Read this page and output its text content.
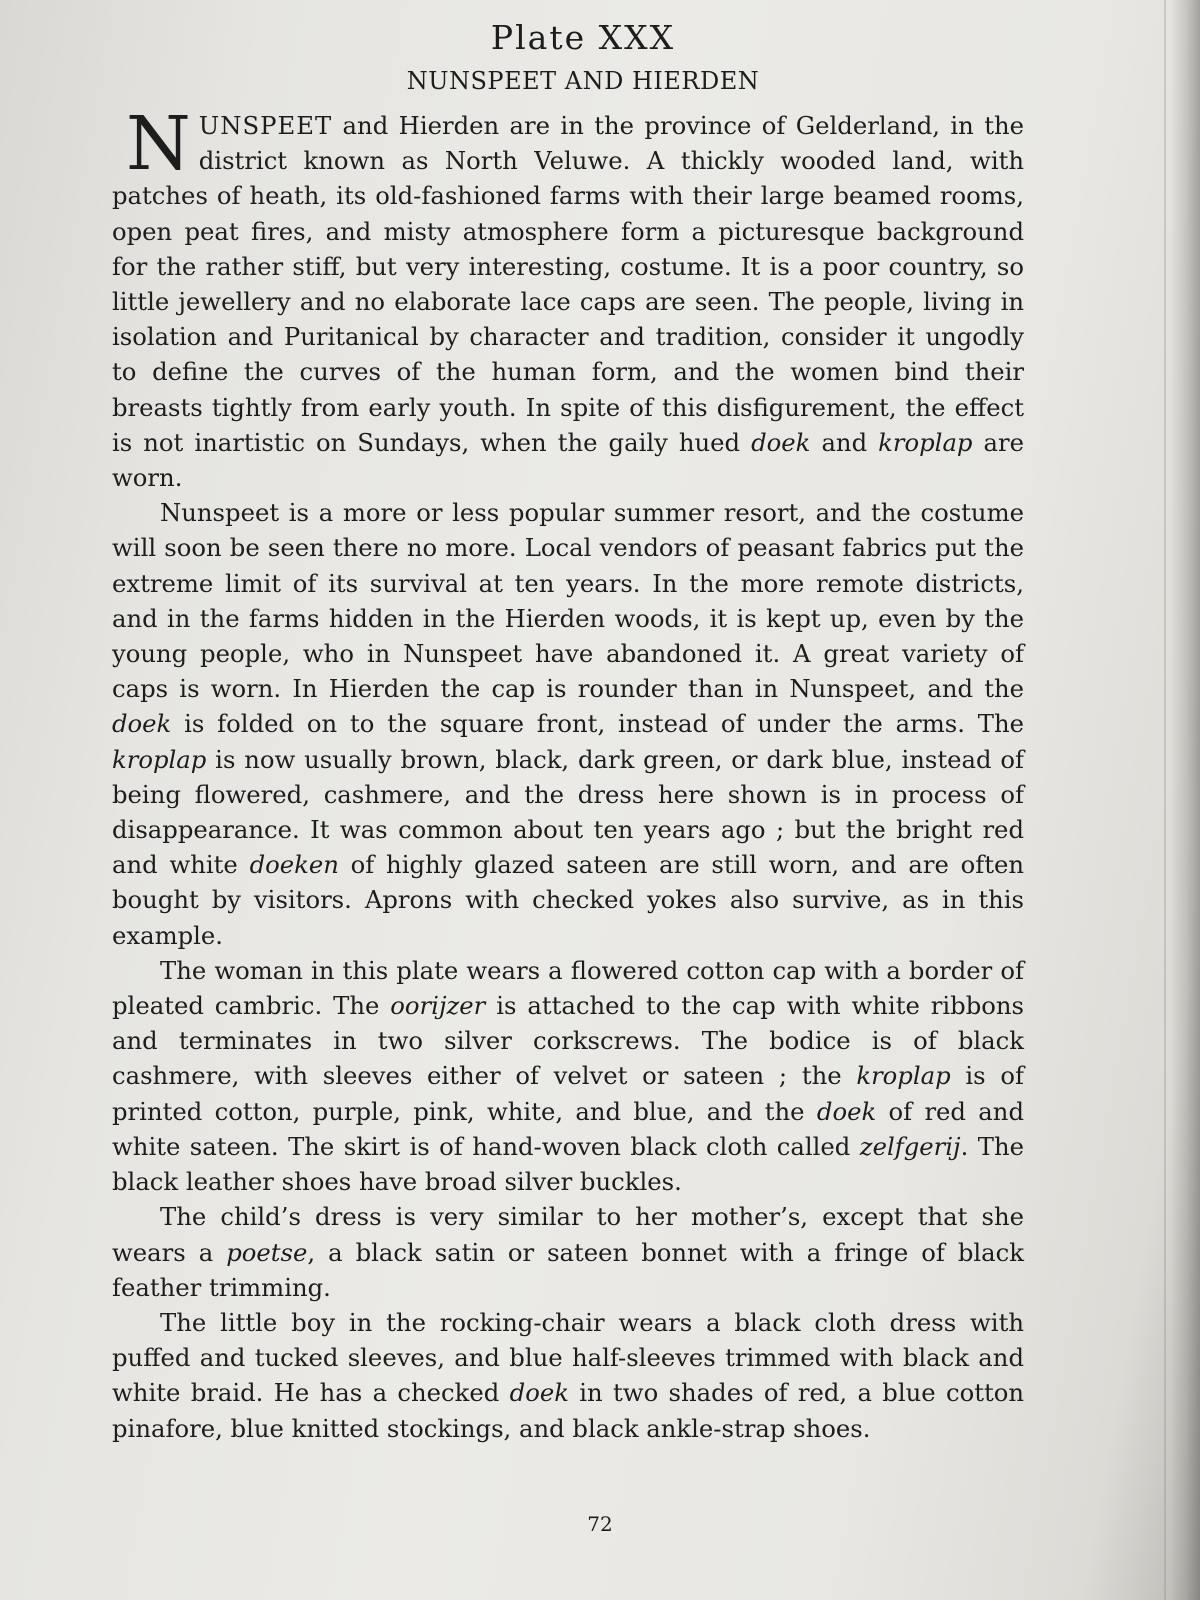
Plate XXX
NUNSPEET AND HIERDEN

NUNSPEET and Hierden are in the province of Gelderland, in the district known as North Veluwe. A thickly wooded land, with patches of heath, its old-fashioned farms with their large beamed rooms, open peat fires, and misty atmosphere form a picturesque background for the rather stiff, but very interesting, costume. It is a poor country, so little jewellery and no elaborate lace caps are seen. The people, living in isolation and Puritanical by character and tradition, consider it ungodly to define the curves of the human form, and the women bind their breasts tightly from early youth. In spite of this disfigurement, the effect is not inartistic on Sundays, when the gaily hued doek and kroplap are worn.

Nunspeet is a more or less popular summer resort, and the costume will soon be seen there no more. Local vendors of peasant fabrics put the extreme limit of its survival at ten years. In the more remote districts, and in the farms hidden in the Hierden woods, it is kept up, even by the young people, who in Nunspeet have abandoned it. A great variety of caps is worn. In Hierden the cap is rounder than in Nunspeet, and the doek is folded on to the square front, instead of under the arms. The kroplap is now usually brown, black, dark green, or dark blue, instead of being flowered, cashmere, and the dress here shown is in process of disappearance. It was common about ten years ago ; but the bright red and white doeken of highly glazed sateen are still worn, and are often bought by visitors. Aprons with checked yokes also survive, as in this example.

The woman in this plate wears a flowered cotton cap with a border of pleated cambric. The oorijzer is attached to the cap with white ribbons and terminates in two silver corkscrews. The bodice is of black cashmere, with sleeves either of velvet or sateen ; the kroplap is of printed cotton, purple, pink, white, and blue, and the doek of red and white sateen. The skirt is of hand-woven black cloth called zelfgerij. The black leather shoes have broad silver buckles.

The child’s dress is very similar to her mother’s, except that she wears a poetse, a black satin or sateen bonnet with a fringe of black feather trimming.

The little boy in the rocking-chair wears a black cloth dress with puffed and tucked sleeves, and blue half-sleeves trimmed with black and white braid. He has a checked doek in two shades of red, a blue cotton pinafore, blue knitted stockings, and black ankle-strap shoes.

72
